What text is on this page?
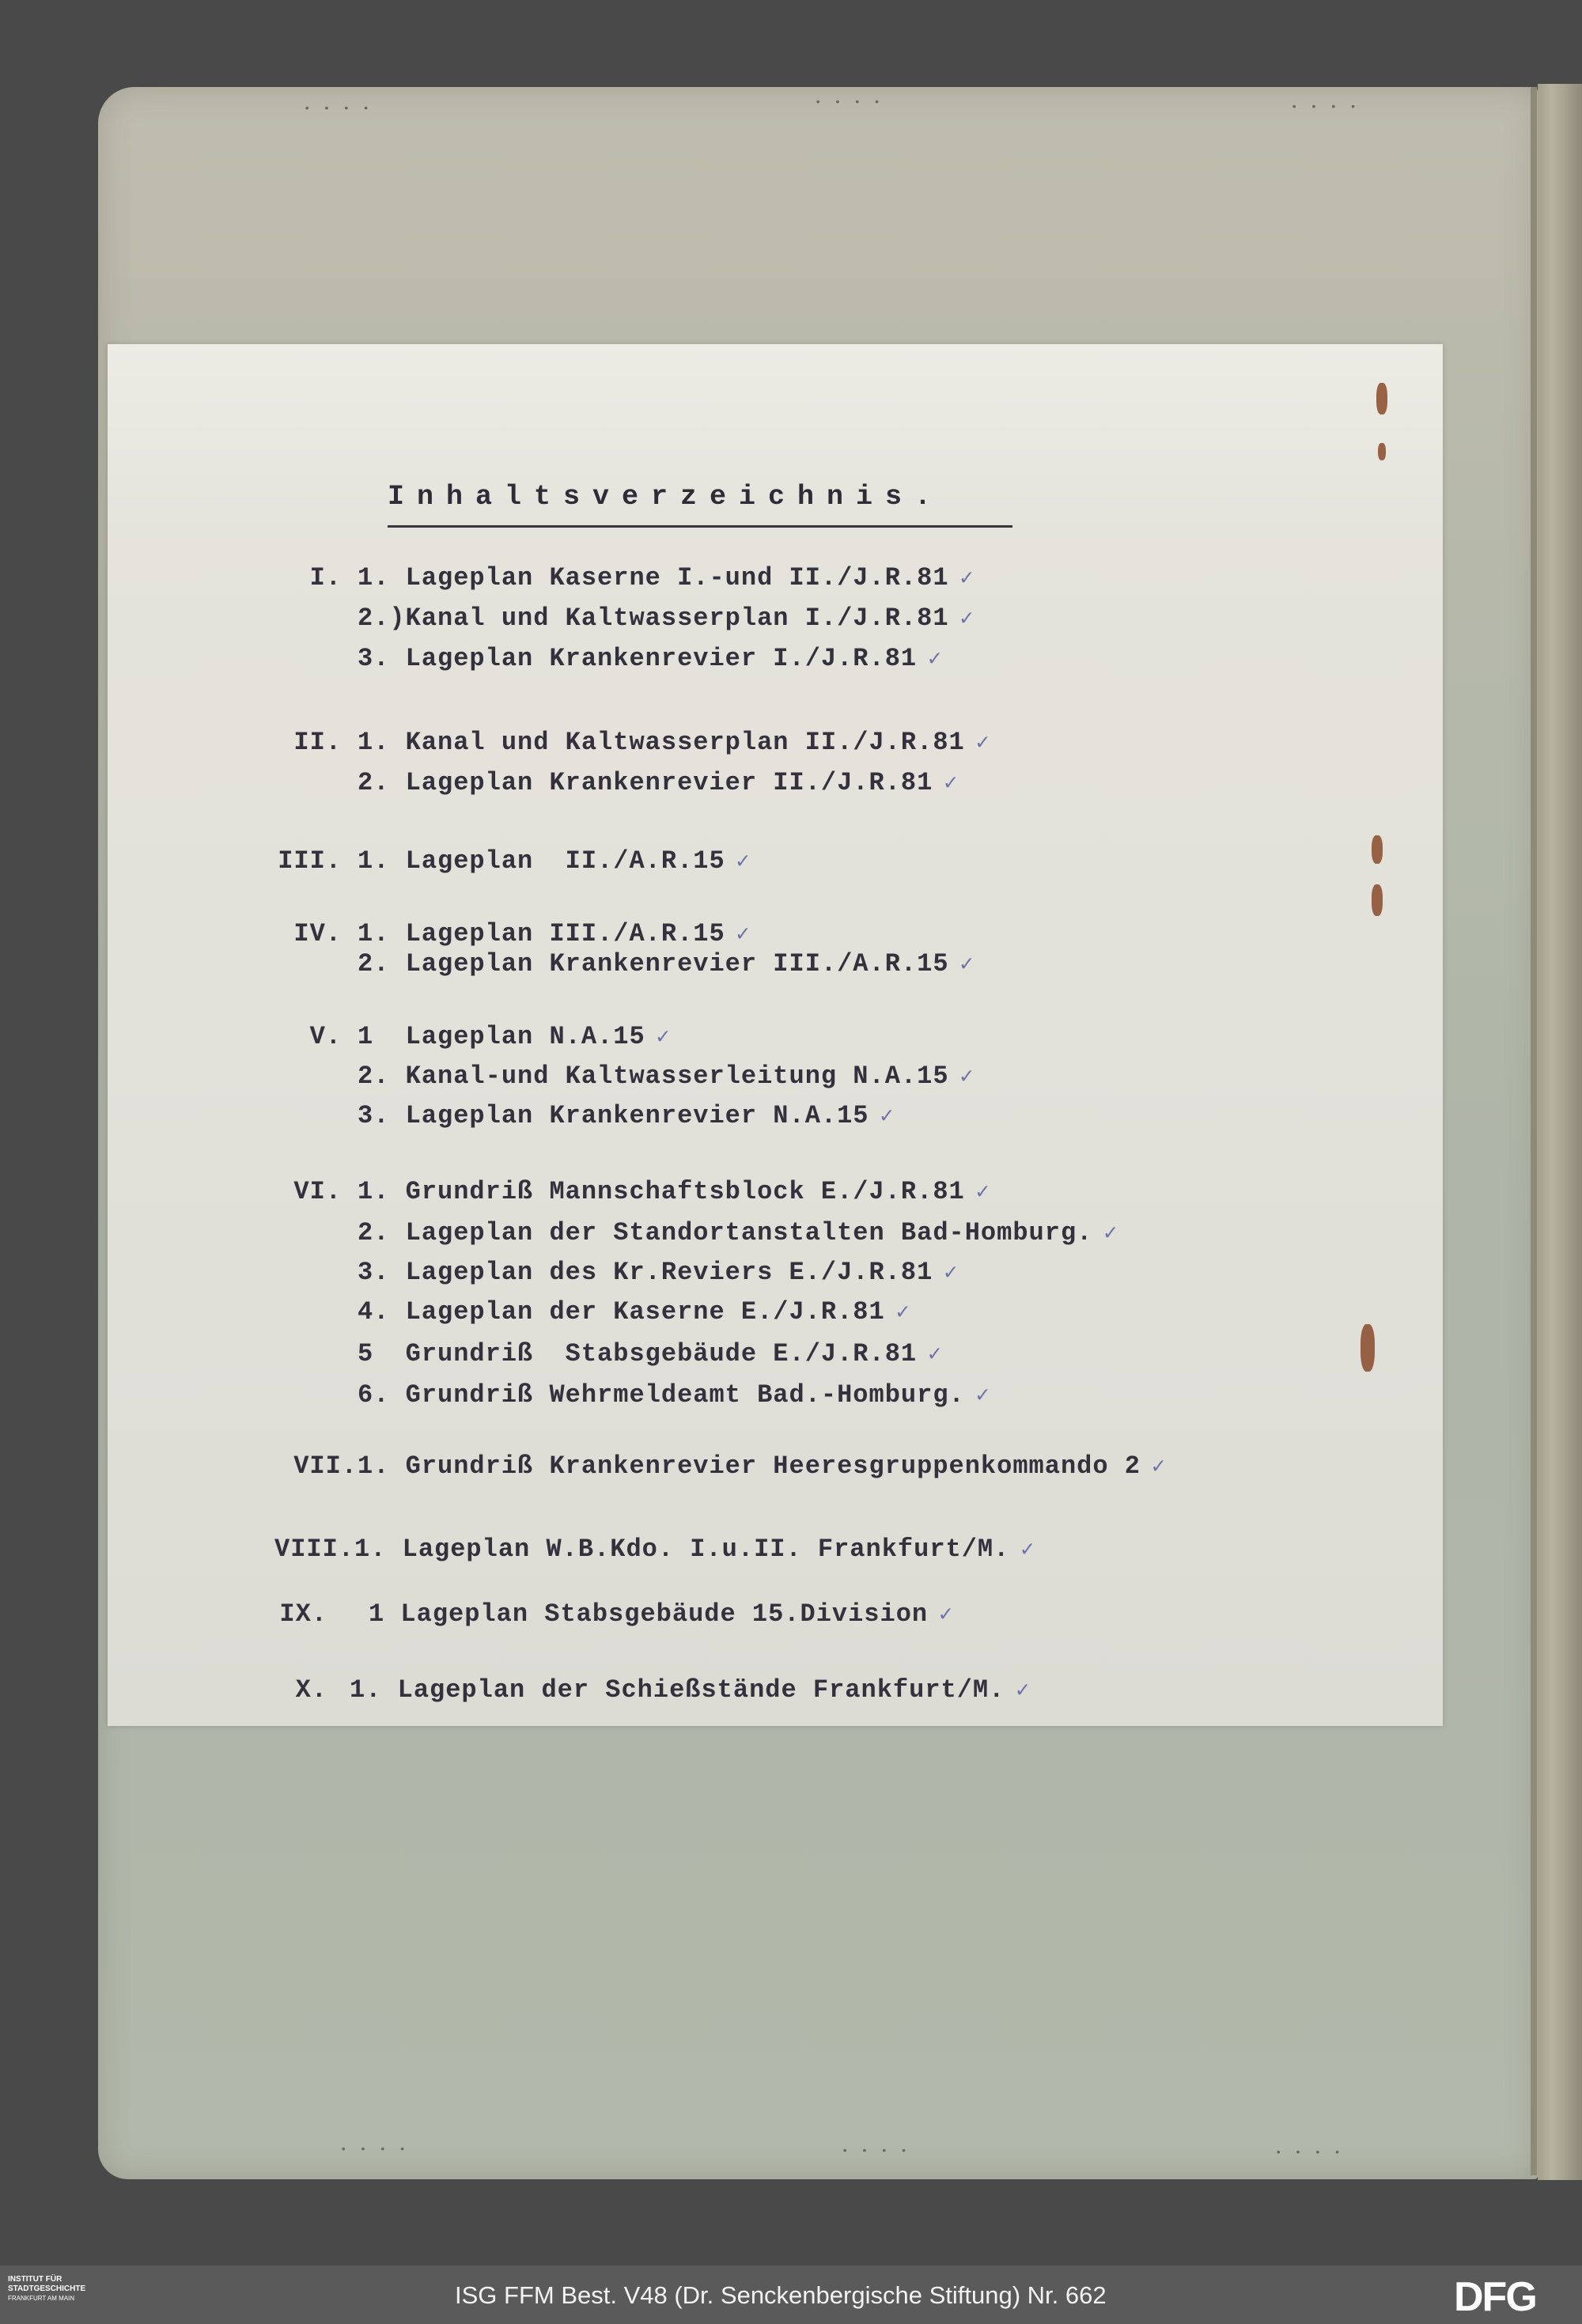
• • • •	• • • •	• • • •
• • • •	• • • •	• • • •
Inhaltsverzeichnis.
I. 1. Lageplan Kaserne I.-und II./J.R.81 ✓
2.)Kanal und Kaltwasserplan I./J.R.81 ✓
3. Lageplan Krankenrevier I./J.R.81 ✓
II. 1. Kanal und Kaltwasserplan II./J.R.81 ✓
2. Lageplan Krankenrevier II./J.R.81 ✓
III. 1. Lageplan  II./A.R.15 ✓
IV. 1. Lageplan III./A.R.15 ✓
2. Lageplan Krankenrevier III./A.R.15 ✓
V. 1  Lageplan N.A.15 ✓
2. Kanal-und Kaltwasserleitung N.A.15 ✓
3. Lageplan Krankenrevier N.A.15 ✓
VI. 1. Grundriß Mannschaftsblock E./J.R.81 ✓
2. Lageplan der Standortanstalten Bad-Homburg. ✓
3. Lageplan des Kr.Reviers E./J.R.81 ✓
4. Lageplan der Kaserne E./J.R.81 ✓
5  Grundriß  Stabsgebäude E./J.R.81 ✓
6. Grundriß Wehrmeldeamt Bad.-Homburg. ✓
VII.1. Grundriß Krankenrevier Heeresgruppenkommando 2 ✓
VIII.1. Lageplan W.B.Kdo. I.u.II. Frankfurt/M. ✓
IX. 1 Lageplan Stabsgebäude 15.Division ✓
X. 1. Lageplan der Schießstände Frankfurt/M. ✓
INSTITUT FÜR
STADTGESCHICHTE
FRANKFURT AM MAIN	ISG FFM Best. V48 (Dr. Senckenbergische Stiftung) Nr. 662	DFG
